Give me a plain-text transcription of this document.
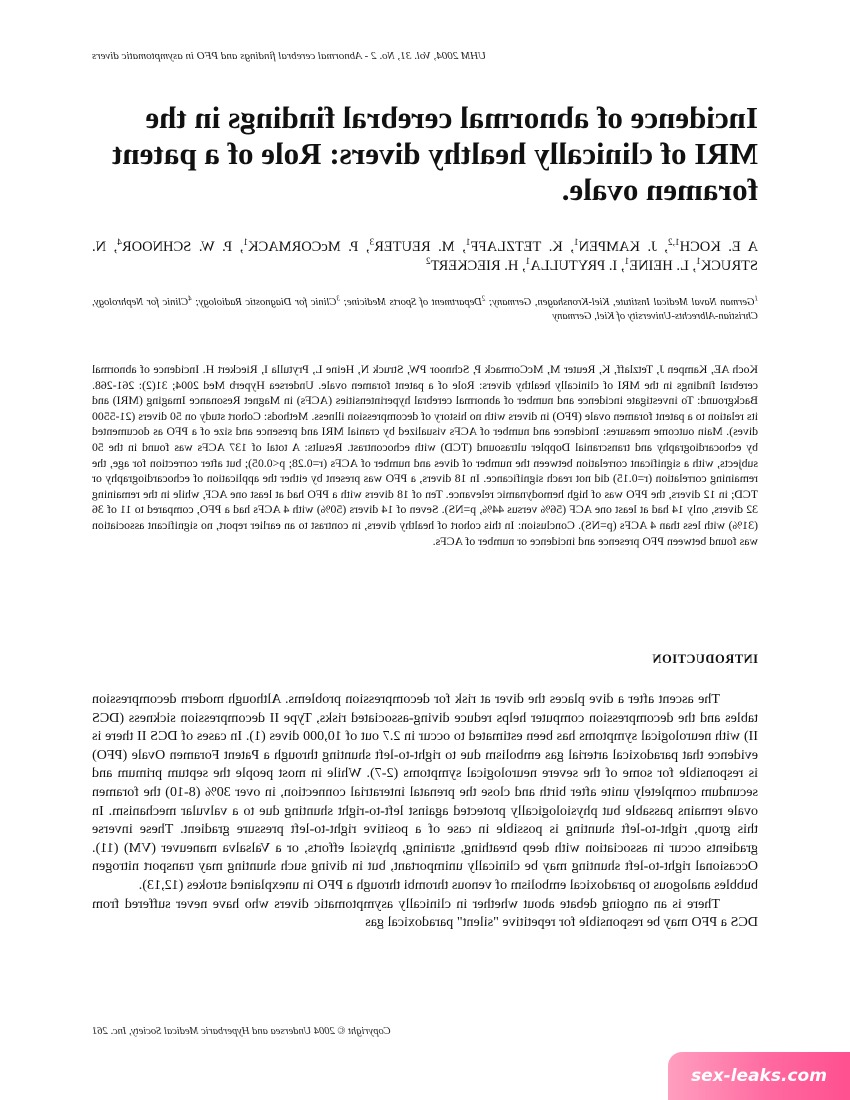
UHM 2004, Vol. 31, No. 2 - Abnormal cerebral findings and PFO in asymptomatic divers
Incidence of abnormal cerebral findings in the MRI of clinically healthy divers: Role of a patent foramen ovale.
A E. KOCH$^{1,2}$, J. KAMPEN$^1$, K. TETZLAFF$^1$, M. REUTER$^3$, P. McCORMACK$^1$, P. W. SCHNOOR$^4$, N. STRUCK$^1$, L. HEINE$^1$, I. PRYTULLA$^1$, H. RIECKERT$^2$
$^1$German Naval Medical Institute, Kiel-Kronshagen, Germany; $^2$Department of Sports Medicine; $^3$Clinic for Diagnostic Radiology; $^4$Clinic for Nephrology, Christian-Albrechts-University of Kiel, Germany

Koch AE, Kampen J, Tetzlaff, K, Reuter M, McCormack P, Schnoor PW, Struck N, Heine L, Prytulla I, Rieckert H. Incidence of abnormal cerebral findings in the MRI of clinically healthy divers: Role of a patent foramen ovale. Undersea Hyperb Med 2004; 31(2): 261-268. Background: To investigate incidence and number of abnormal cerebral hyperintensities (ACFs) in Magnet Resonance Imaging (MRI) and its relation to a patent foramen ovale (PFO) in divers with no history of decompression illness. Methods: Cohort study on 50 divers (21-5500 dives). Main outcome measures: Incidence and number of ACFs visualized by cranial MRI and presence and size of a PFO as documented by echocardiography and transcranial Doppler ultrasound (TCD) with echocontrast. Results: A total of 137 ACFs was found in the 50 subjects, with a significant correlation between the number of dives and number of ACFs (r=0.28; p<0.05); but after correction for age, the remaining correlation (r=0.15) did not reach significance. In 18 divers, a PFO was present by either the application of echocardiography or TCD; in 12 divers, the PFO was of high hemodynamic relevance. Ten of 18 divers with a PFO had at least one ACF, while in the remaining 32 divers, only 14 had at least one ACF (56% versus 44%, p=NS). Seven of 14 divers (50%) with 4 ACFs had a PFO, compared to 11 of 36 (31%) with less than 4 ACFs (p=NS). Conclusion: In this cohort of healthy divers, in contrast to an earlier report, no significant association was found between PFO presence and incidence or number of ACFs.

INTRODUCTION

The ascent after a dive places the diver at risk for decompression problems. Although modern decompression tables and the decompression computer helps reduce diving-associated risks, Type II decompression sickness (DCS II) with neurological symptoms has been estimated to occur in 2.7 out of 10,000 dives (1). In cases of DCS II there is evidence that paradoxical arterial gas embolism due to right-to-left shunting through a Patent Foramen Ovale (PFO) is responsible for some of the severe neurological symptoms (2-7). While in most people the septum primum and secundum completely unite after birth and close the prenatal interatrial connection, in over 30% (8-10) the foramen ovale remains passable but physiologically protected against left-to-right shunting due to a valvular mechanism. In this group, right-to-left shunting is possible in case of a positive right-to-left pressure gradient. These inverse gradients occur in association with deep breathing, straining, physical efforts, or a Valsalva maneuver (VM) (11). Occasional right-to-left shunting may be clinically unimportant, but in diving such shunting may transport nitrogen bubbles analogous to paradoxical embolism of venous thrombi through a PFO in unexplained strokes (12,13).

There is an ongoing debate about whether in clinically asymptomatic divers who have never suffered from DCS a PFO may be responsible for repetitive "silent" paradoxical gas

Copyright © 2004 Undersea and Hyperbaric Medical Society, Inc. 261
sex-leaks.com
